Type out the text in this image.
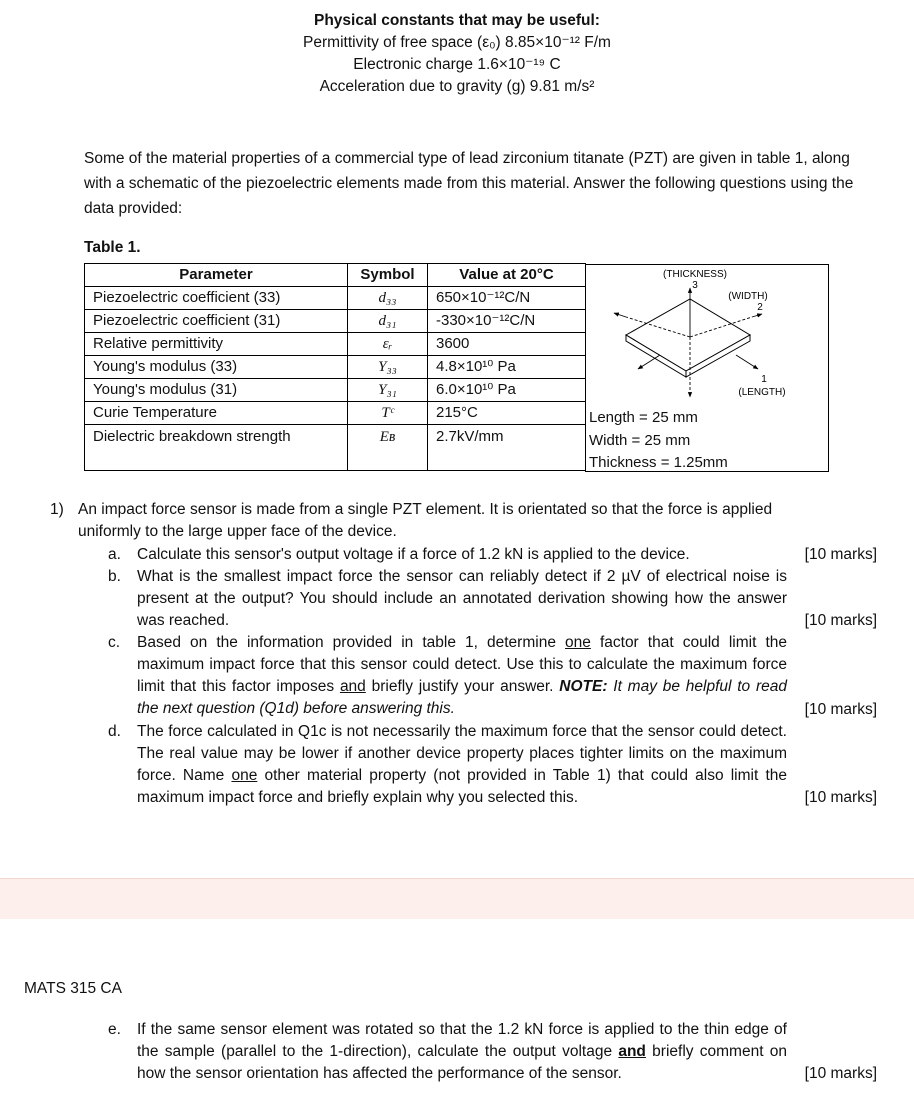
Physical constants that may be useful:
Permittivity of free space (ε₀) 8.85×10⁻¹² F/m
Electronic charge 1.6×10⁻¹⁹ C
Acceleration due to gravity (g) 9.81 m/s²
Some of the material properties of a commercial type of lead zirconium titanate (PZT) are given in table 1, along with a schematic of the piezoelectric elements made from this material. Answer the following questions using the data provided:
Table 1.
Parameter	Symbol	Value at 20°C
Piezoelectric coefficient (33)	d₃₃	650×10⁻¹²C/N
Piezoelectric coefficient (31)	d₃₁	-330×10⁻¹²C/N
Relative permittivity	εᵣ	3600
Young's modulus (33)	Y₃₃	4.8×10¹⁰ Pa
Young's modulus (31)	Y₃₁	6.0×10¹⁰ Pa
Curie Temperature	Tᶜ	215°C
Dielectric breakdown strength	Eʙ	2.7kV/mm
(THICKNESS)
3
(WIDTH)
2
1
(LENGTH)
Length = 25 mm
Width = 25 mm
Thickness = 1.25mm
1) An impact force sensor is made from a single PZT element. It is orientated so that the force is applied uniformly to the large upper face of the device.
a. Calculate this sensor's output voltage if a force of 1.2 kN is applied to the device.	[10 marks]
b. What is the smallest impact force the sensor can reliably detect if 2 µV of electrical noise is present at the output? You should include an annotated derivation showing how the answer was reached.	[10 marks]
c. Based on the information provided in table 1, determine one factor that could limit the maximum impact force that this sensor could detect. Use this to calculate the maximum force limit that this factor imposes and briefly justify your answer. NOTE: It may be helpful to read the next question (Q1d) before answering this.	[10 marks]
d. The force calculated in Q1c is not necessarily the maximum force that the sensor could detect. The real value may be lower if another device property places tighter limits on the maximum force. Name one other material property (not provided in Table 1) that could also limit the maximum impact force and briefly explain why you selected this.	[10 marks]
MATS 315 CA
e. If the same sensor element was rotated so that the 1.2 kN force is applied to the thin edge of the sample (parallel to the 1-direction), calculate the output voltage and briefly comment on how the sensor orientation has affected the performance of the sensor.	[10 marks]
